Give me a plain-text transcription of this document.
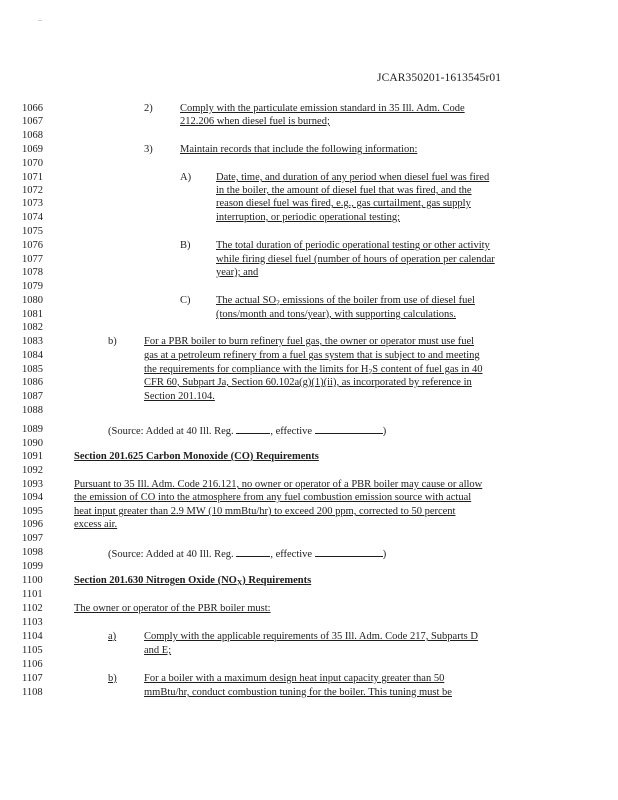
JCAR350201-1613545r01
1066
1067
1068
1069
1070
1071
1072
1073
1074
1075
1076
1077
1078
1079
1080
1081
1082
1083
1084
1085
1086
1087
1088
1089
1090
1091
1092
1093
1094
1095
1096
1097
1098
1099
1100
1101
1102
1103
1104
1105
1106
1107
1108
2)	Comply with the particulate emission standard in 35 Ill. Adm. Code
212.206 when diesel fuel is burned;
3)	Maintain records that include the following information:
A) Date, time, and duration of any period when diesel fuel was fired
in the boiler, the amount of diesel fuel that was fired, and the
reason diesel fuel was fired, e.g., gas curtailment, gas supply
interruption, or periodic operational testing;
B) The total duration of periodic operational testing or other activity
while firing diesel fuel (number of hours of operation per calendar
year); and
C) The actual $SO_2$ emissions of the boiler from use of diesel fuel
(tons/month and tons/year), with supporting calculations.
b)	For a PBR boiler to burn refinery fuel gas, the owner or operator must use fuel
gas at a petroleum refinery from a fuel gas system that is subject to and meeting
the requirements for compliance with the limits for $H_2S$ content of fuel gas in 40
CFR 60, Subpart Ja, Section 60.102a(g)(1)(ii), as incorporated by reference in
Section 201.104.
(Source: Added at 40 Ill. Reg.	, effective	)
Section 201.625 Carbon Monoxide (CO) Requirements
Pursuant to 35 Ill. Adm. Code 216.121, no owner or operator of a PBR boiler may cause or allow
the emission of CO into the atmosphere from any fuel combustion emission source with actual
heat input greater than 2.9 MW (10 mmBtu/hr) to exceed 200 ppm, corrected to 50 percent
excess air.
(Source: Added at 40 Ill. Reg.	, effective	)
Section 201.630 Nitrogen Oxide $(NO_X)$ Requirements
The owner or operator of the PBR boiler must:
a)	Comply with the applicable requirements of 35 Ill. Adm. Code 217, Subparts D
and E;
b)	For a boiler with a maximum design heat input capacity greater than 50
mmBtu/hr, conduct combustion tuning for the boiler. This tuning must be
